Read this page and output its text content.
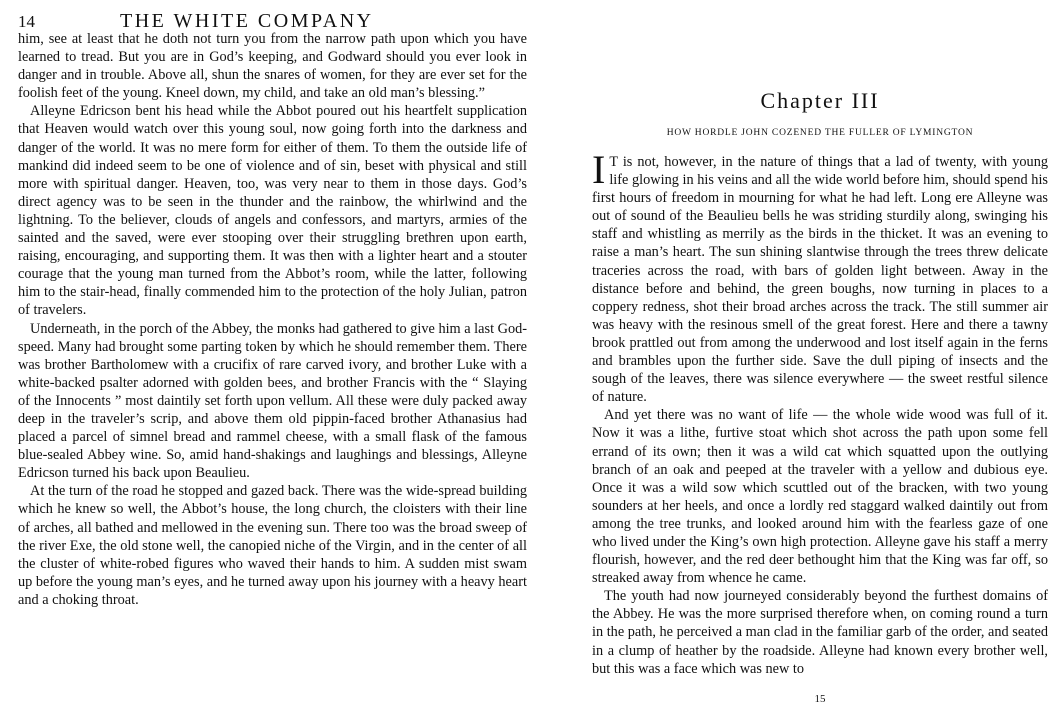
14	THE WHITE COMPANY

him, see at least that he doth not turn you from the narrow path upon which you have learned to tread. But you are in God’s keeping, and Godward should you ever look in danger and in trouble. Above all, shun the snares of women, for they are ever set for the foolish feet of the young. Kneel down, my child, and take an old man’s blessing.”

Alleyne Edricson bent his head while the Abbot poured out his heartfelt supplication that Heaven would watch over this young soul, now going forth into the darkness and danger of the world. It was no mere form for either of them. To them the outside life of mankind did indeed seem to be one of violence and of sin, beset with physical and still more with spiritual danger. Heaven, too, was very near to them in those days. God’s direct agency was to be seen in the thunder and the rainbow, the whirlwind and the lightning. To the believer, clouds of angels and confessors, and martyrs, armies of the sainted and the saved, were ever stooping over their struggling brethren upon earth, raising, encouraging, and supporting them. It was then with a lighter heart and a stouter courage that the young man turned from the Abbot’s room, while the latter, following him to the stair-head, finally commended him to the protection of the holy Julian, patron of travelers.

Underneath, in the porch of the Abbey, the monks had gathered to give him a last God-speed. Many had brought some parting token by which he should remember them. There was brother Bartholomew with a crucifix of rare carved ivory, and brother Luke with a white-backed psalter adorned with golden bees, and brother Francis with the “ Slaying of the Innocents ” most daintily set forth upon vellum. All these were duly packed away deep in the traveler’s scrip, and above them old pippin-faced brother Athanasius had placed a parcel of simnel bread and rammel cheese, with a small flask of the famous blue-sealed Abbey wine. So, amid hand-shakings and laughings and blessings, Alleyne Edricson turned his back upon Beaulieu.

At the turn of the road he stopped and gazed back. There was the wide-spread building which he knew so well, the Abbot’s house, the long church, the cloisters with their line of arches, all bathed and mellowed in the evening sun. There too was the broad sweep of the river Exe, the old stone well, the canopied niche of the Virgin, and in the center of all the cluster of white-robed figures who waved their hands to him. A sudden mist swam up before the young man’s eyes, and he turned away upon his journey with a heavy heart and a choking throat.

Chapter III
HOW HORDLE JOHN COZENED THE FULLER OF LYMINGTON

I T is not, however, in the nature of things that a lad of twenty, with young life glowing in his veins and all the wide world before him, should spend his first hours of freedom in mourning for what he had left. Long ere Alleyne was out of sound of the Beaulieu bells he was striding sturdily along, swinging his staff and whistling as merrily as the birds in the thicket. It was an evening to raise a man’s heart. The sun shining slantwise through the trees threw delicate traceries across the road, with bars of golden light between. Away in the distance before and behind, the green boughs, now turning in places to a coppery redness, shot their broad arches across the track. The still summer air was heavy with the resinous smell of the great forest. Here and there a tawny brook prattled out from among the underwood and lost itself again in the ferns and brambles upon the further side. Save the dull piping of insects and the sough of the leaves, there was silence everywhere — the sweet restful silence of nature.

And yet there was no want of life — the whole wide wood was full of it. Now it was a lithe, furtive stoat which shot across the path upon some fell errand of its own; then it was a wild cat which squatted upon the outlying branch of an oak and peeped at the traveler with a yellow and dubious eye. Once it was a wild sow which scuttled out of the bracken, with two young sounders at her heels, and once a lordly red staggard walked daintily out from among the tree trunks, and looked around him with the fearless gaze of one who lived under the King’s own high protection. Alleyne gave his staff a merry flourish, however, and the red deer bethought him that the King was far off, so streaked away from whence he came.

The youth had now journeyed considerably beyond the furthest domains of the Abbey. He was the more surprised therefore when, on coming round a turn in the path, he perceived a man clad in the familiar garb of the order, and seated in a clump of heather by the roadside. Alleyne had known every brother well, but this was a face which was new to

15
